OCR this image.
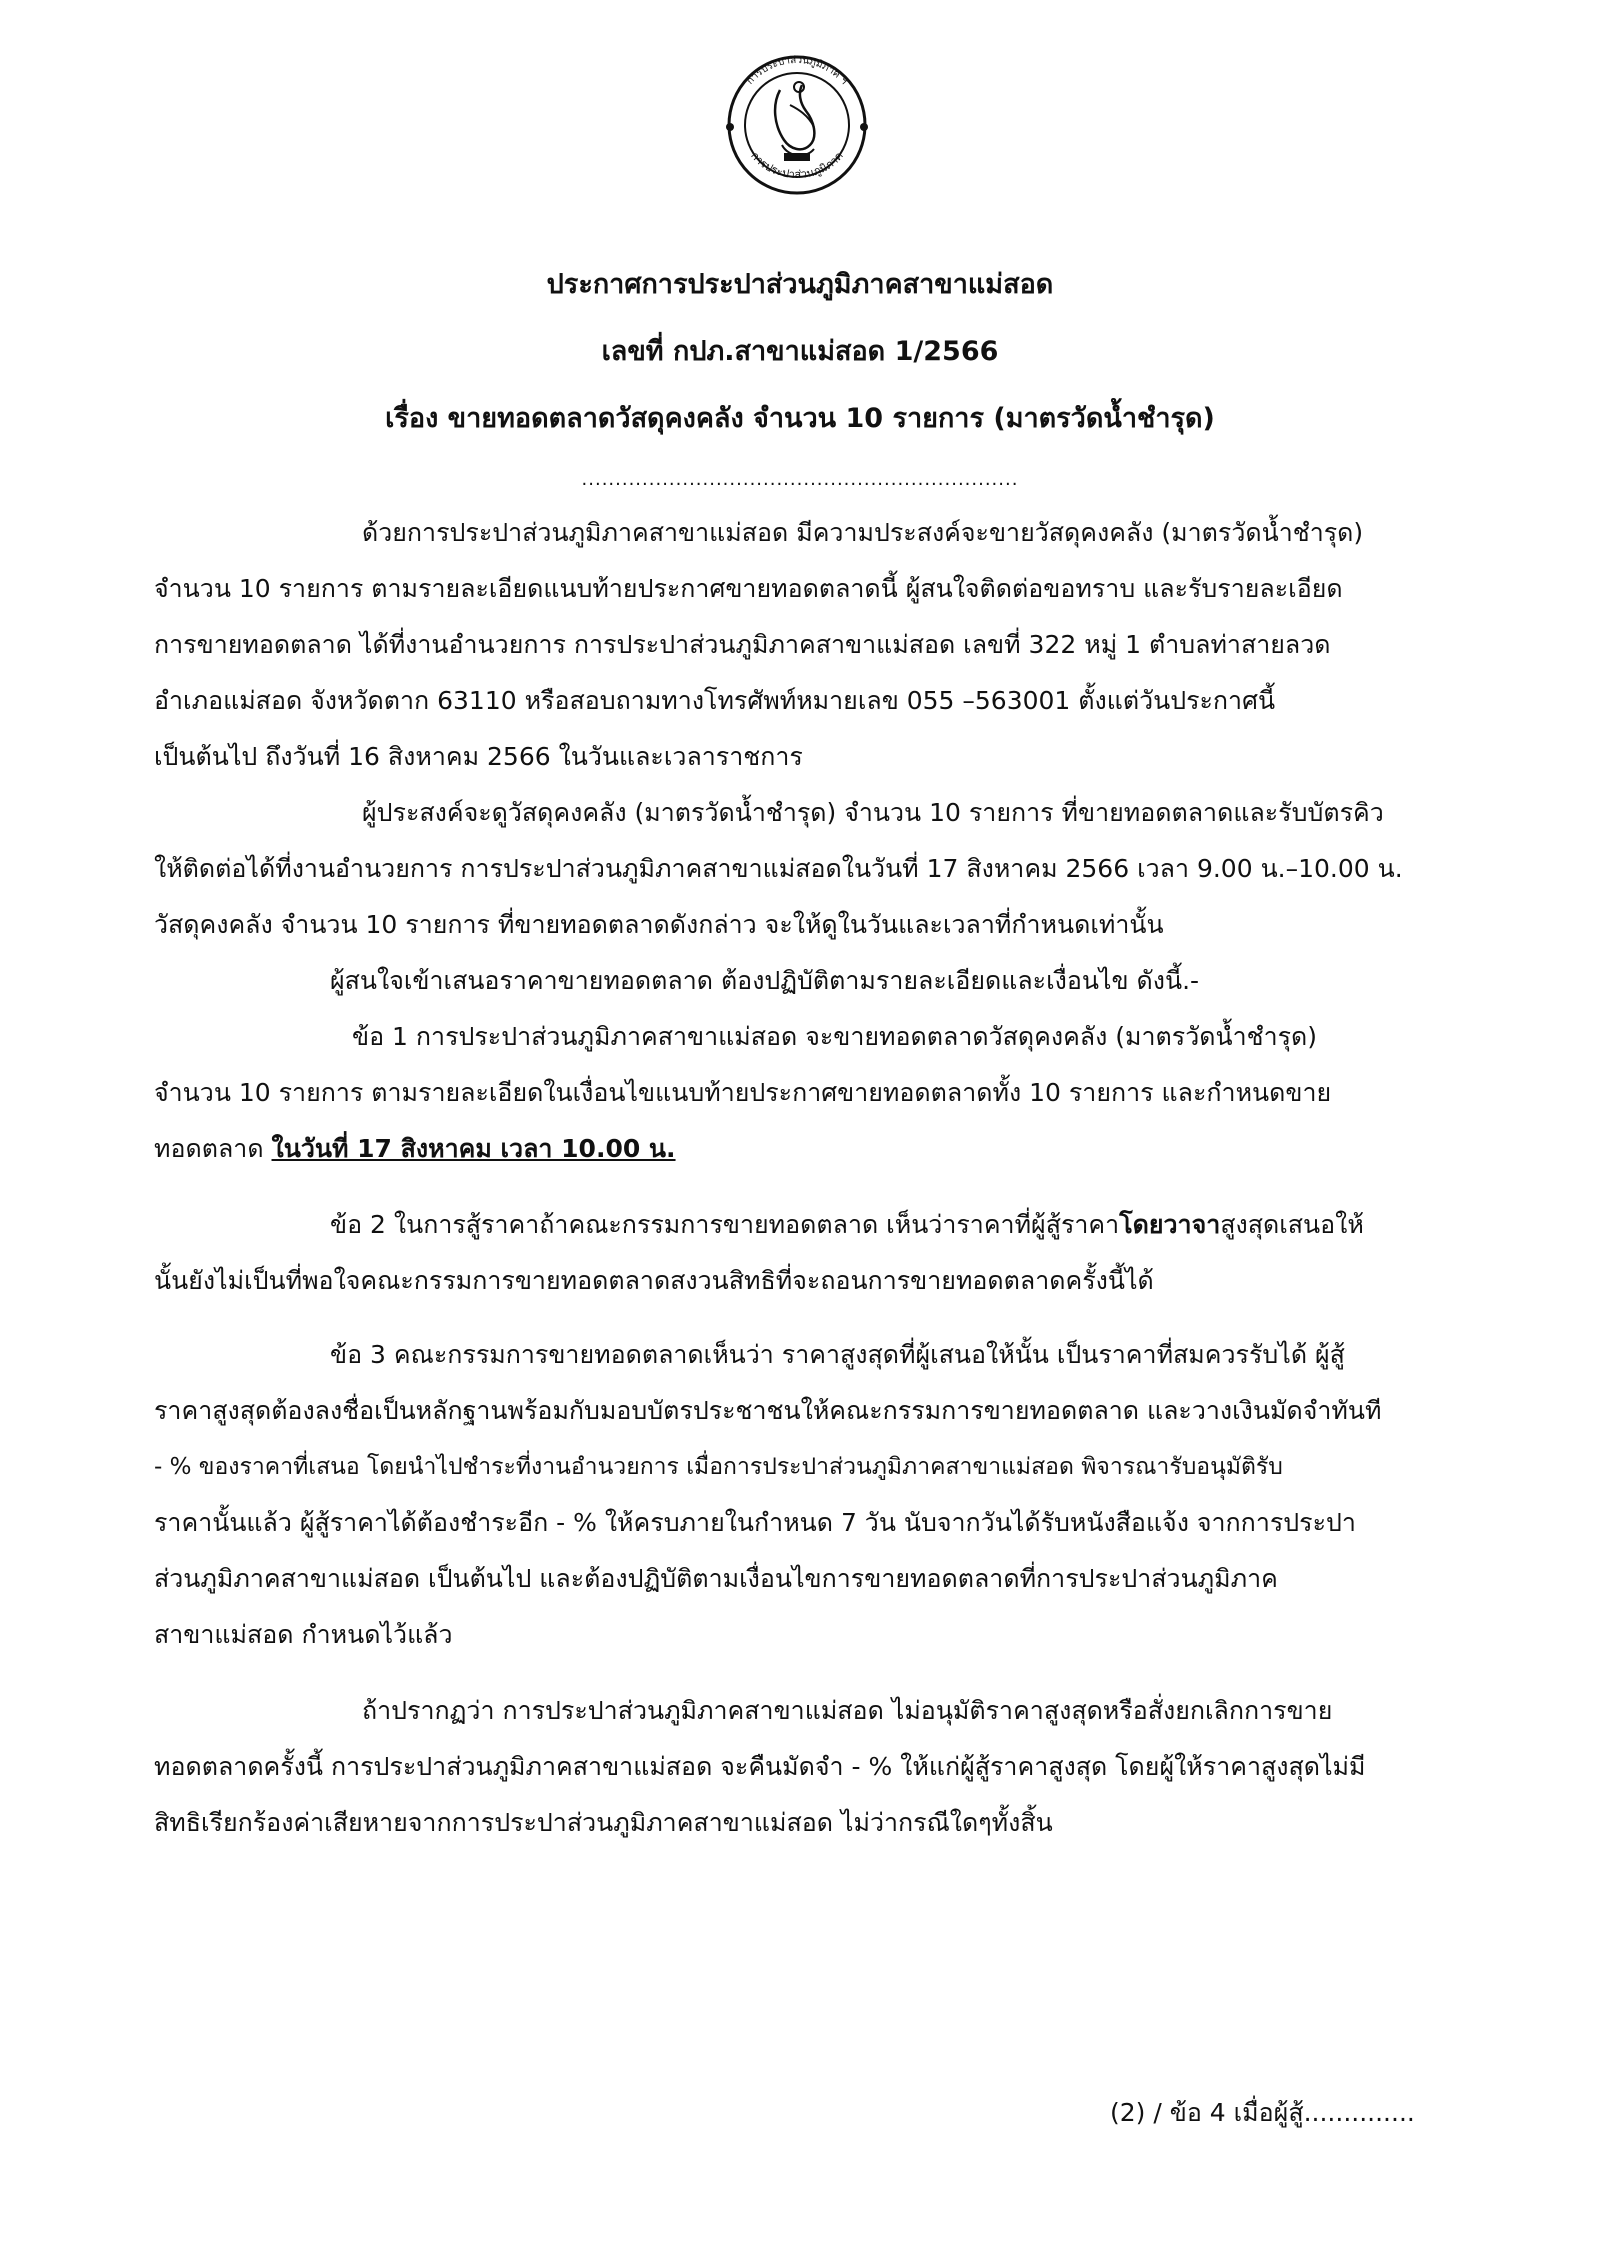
การประปาส่วนภูมิภาค ฯ
การประปาส่วนภูมิภาค
ประกาศการประปาส่วนภูมิภาคสาขาแม่สอด
เลขที่ กปภ.สาขาแม่สอด 1/2566
เรื่อง ขายทอดตลาดวัสดุคงคลัง จำนวน 10 รายการ (มาตรวัดน้ำชำรุด)
.................................................................
ด้วยการประปาส่วนภูมิภาคสาขาแม่สอด มีความประสงค์จะขายวัสดุคงคลัง (มาตรวัดน้ำชำรุด)
จำนวน 10 รายการ ตามรายละเอียดแนบท้ายประกาศขายทอดตลาดนี้ ผู้สนใจติดต่อขอทราบ และรับรายละเอียด
การขายทอดตลาด ได้ที่งานอำนวยการ การประปาส่วนภูมิภาคสาขาแม่สอด เลขที่ 322 หมู่ 1 ตำบลท่าสายลวด
อำเภอแม่สอด จังหวัดตาก 63110 หรือสอบถามทางโทรศัพท์หมายเลข 055 –563001 ตั้งแต่วันประกาศนี้
เป็นต้นไป ถึงวันที่ 16 สิงหาคม 2566 ในวันและเวลาราชการ
ผู้ประสงค์จะดูวัสดุคงคลัง (มาตรวัดน้ำชำรุด) จำนวน 10 รายการ ที่ขายทอดตลาดและรับบัตรคิว
ให้ติดต่อได้ที่งานอำนวยการ การประปาส่วนภูมิภาคสาขาแม่สอดในวันที่ 17 สิงหาคม 2566 เวลา 9.00 น.–10.00 น.
วัสดุคงคลัง จำนวน 10 รายการ ที่ขายทอดตลาดดังกล่าว จะให้ดูในวันและเวลาที่กำหนดเท่านั้น
ผู้สนใจเข้าเสนอราคาขายทอดตลาด ต้องปฏิบัติตามรายละเอียดและเงื่อนไข ดังนี้.-
ข้อ 1 การประปาส่วนภูมิภาคสาขาแม่สอด จะขายทอดตลาดวัสดุคงคลัง (มาตรวัดน้ำชำรุด)
จำนวน 10 รายการ ตามรายละเอียดในเงื่อนไขแนบท้ายประกาศขายทอดตลาดทั้ง 10 รายการ และกำหนดขาย
ทอดตลาด ในวันที่ 17 สิงหาคม เวลา 10.00 น.
ข้อ 2 ในการสู้ราคาถ้าคณะกรรมการขายทอดตลาด เห็นว่าราคาที่ผู้สู้ราคาโดยวาจาสูงสุดเสนอให้
นั้นยังไม่เป็นที่พอใจคณะกรรมการขายทอดตลาดสงวนสิทธิที่จะถอนการขายทอดตลาดครั้งนี้ได้
ข้อ 3 คณะกรรมการขายทอดตลาดเห็นว่า ราคาสูงสุดที่ผู้เสนอให้นั้น เป็นราคาที่สมควรรับได้ ผู้สู้
ราคาสูงสุดต้องลงชื่อเป็นหลักฐานพร้อมกับมอบบัตรประชาชนให้คณะกรรมการขายทอดตลาด และวางเงินมัดจำทันที
- % ของราคาที่เสนอ โดยนำไปชำระที่งานอำนวยการ เมื่อการประปาส่วนภูมิภาคสาขาแม่สอด พิจารณารับอนุมัติรับ
ราคานั้นแล้ว ผู้สู้ราคาได้ต้องชำระอีก - % ให้ครบภายในกำหนด 7 วัน นับจากวันได้รับหนังสือแจ้ง จากการประปา
ส่วนภูมิภาคสาขาแม่สอด เป็นต้นไป และต้องปฏิบัติตามเงื่อนไขการขายทอดตลาดที่การประปาส่วนภูมิภาค
สาขาแม่สอด กำหนดไว้แล้ว
ถ้าปรากฏว่า การประปาส่วนภูมิภาคสาขาแม่สอด ไม่อนุมัติราคาสูงสุดหรือสั่งยกเลิกการขาย
ทอดตลาดครั้งนี้ การประปาส่วนภูมิภาคสาขาแม่สอด จะคืนมัดจำ - % ให้แก่ผู้สู้ราคาสูงสุด โดยผู้ให้ราคาสูงสุดไม่มี
สิทธิเรียกร้องค่าเสียหายจากการประปาส่วนภูมิภาคสาขาแม่สอด ไม่ว่ากรณีใดๆทั้งสิ้น
(2) / ข้อ 4 เมื่อผู้สู้..............
